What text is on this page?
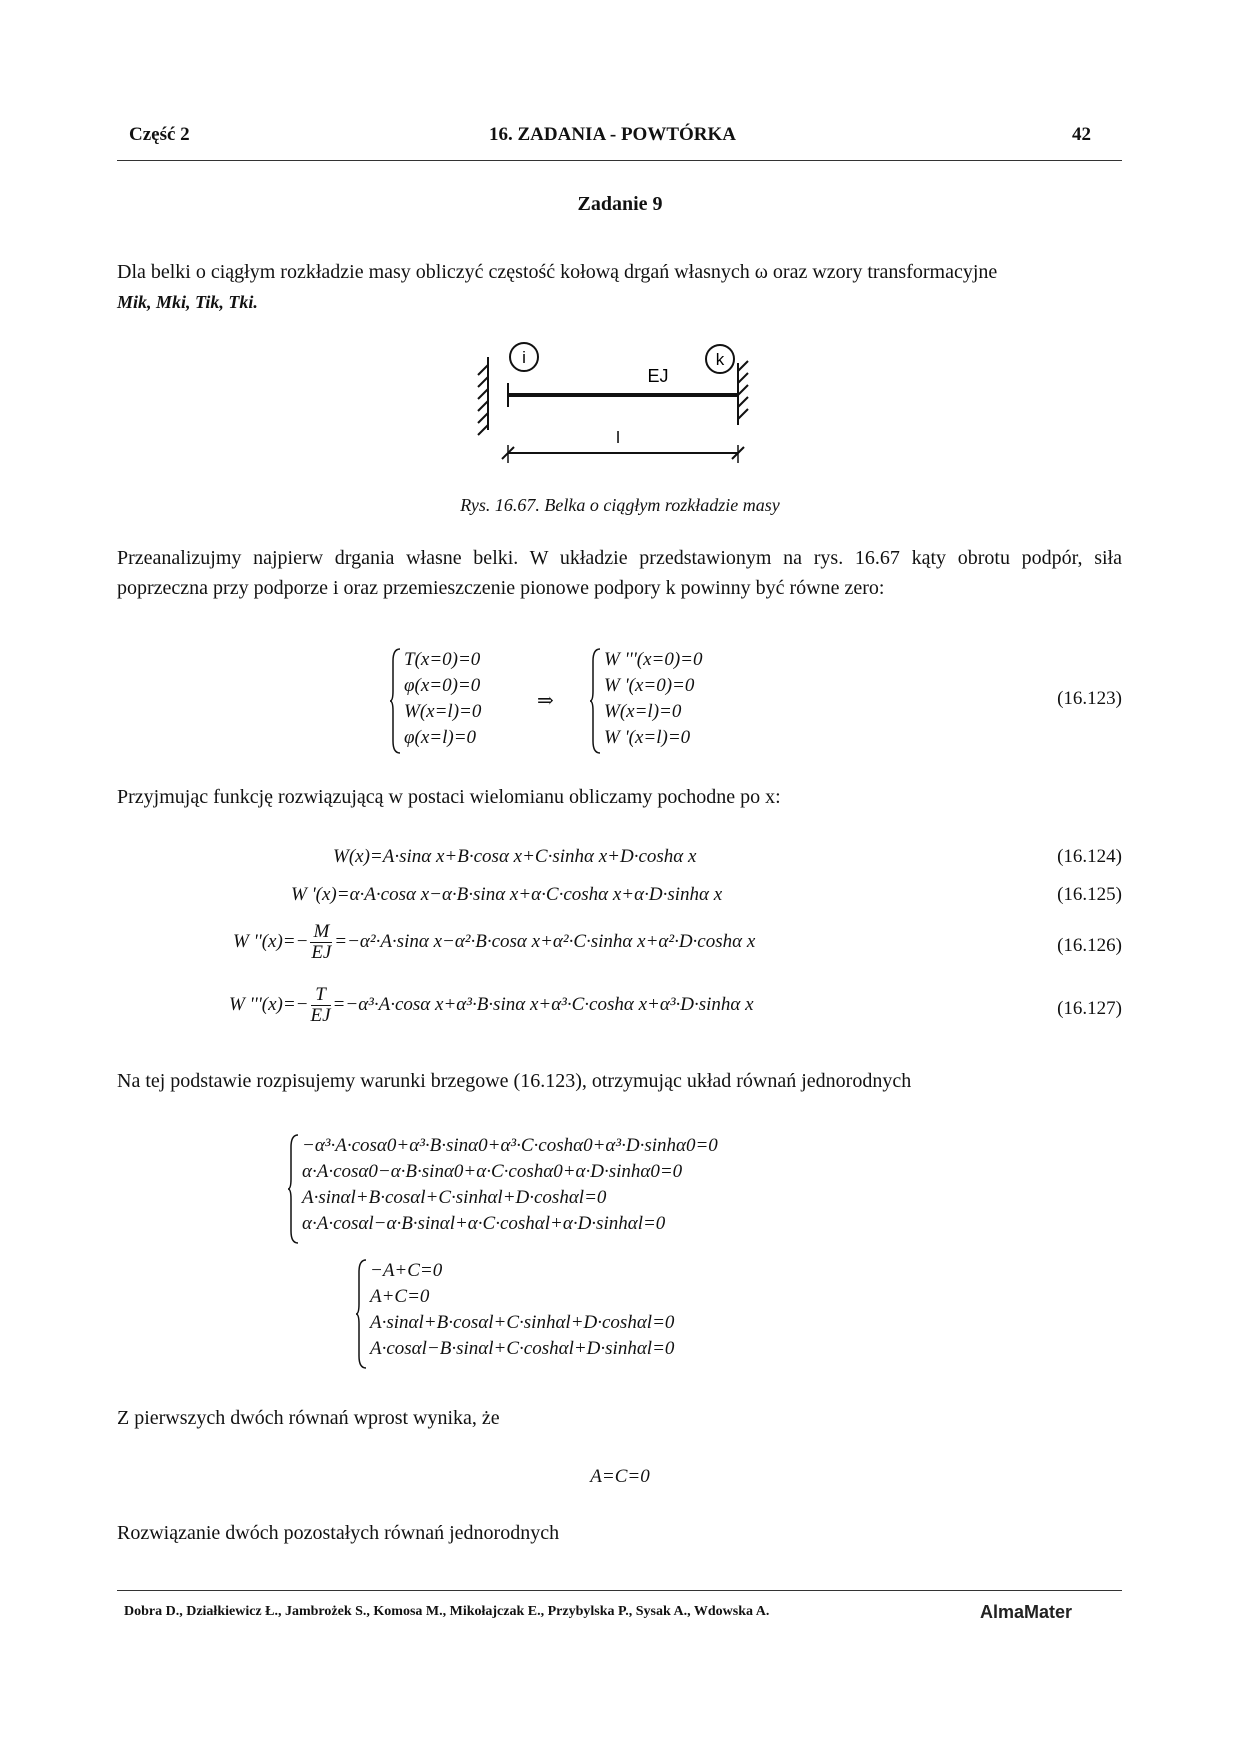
Część 2	16. ZADANIA - POWTÓRKA	42
Zadanie 9
Dla belki o ciągłym rozkładzie masy obliczyć częstość kołową drgań własnych ω oraz wzory transformacyjne
Mik, Mki, Tik, Tki.
i	k
EJ
l
Rys. 16.67. Belka o ciągłym rozkładzie masy
Przeanalizujmy najpierw drgania własne belki. W układzie przedstawionym na rys. 16.67 kąty obrotu podpór, siła poprzeczna przy podporze i oraz przemieszczenie pionowe podpory k powinny być równe zero:
T(x=0)=0
φ(x=0)=0
W(x=l)=0
φ(x=l)=0
⇒
W '''(x=0)=0
W '(x=0)=0
W(x=l)=0
W '(x=l)=0
(16.123)
Przyjmując funkcję rozwiązującą w postaci wielomianu obliczamy pochodne po x:
W(x)=A·sinα x+B·cosα x+C·sinhα x+D·coshα x	(16.124)
W '(x)=α·A·cosα x−α·B·sinα x+α·C·coshα x+α·D·sinhα x	(16.125)
W ''$(x)=- \frac{M}{EJ} =-\alpha^2\cdot A\cdot\sin\alpha$ x−α²·B·cosα x+α²·C·sinhα x+α²·D·coshα x	(16.126)
W '''$(x)=- \frac{T}{EJ} =-\alpha^3\cdot A\cdot\cos\alpha$ x+α³·B·sinα x+α³·C·coshα x+α³·D·sinhα x	(16.127)
Na tej podstawie rozpisujemy warunki brzegowe (16.123), otrzymując układ równań jednorodnych
−α³·A·cosα0+α³·B·sinα0+α³·C·coshα0+α³·D·sinhα0=0
α·A·cosα0−α·B·sinα0+α·C·coshα0+α·D·sinhα0=0
A·sinαl+B·cosαl+C·sinhαl+D·coshαl=0
α·A·cosαl−α·B·sinαl+α·C·coshαl+α·D·sinhαl=0
−A+C=0
A+C=0
A·sinαl+B·cosαl+C·sinhαl+D·coshαl=0
A·cosαl−B·sinαl+C·coshαl+D·sinhαl=0
Z pierwszych dwóch równań wprost wynika, że
A=C=0
Rozwiązanie dwóch pozostałych równań jednorodnych
Dobra D., Działkiewicz Ł., Jambrożek S., Komosa M., Mikołajczak E., Przybylska P., Sysak A., Wdowska A.	AlmaMater
